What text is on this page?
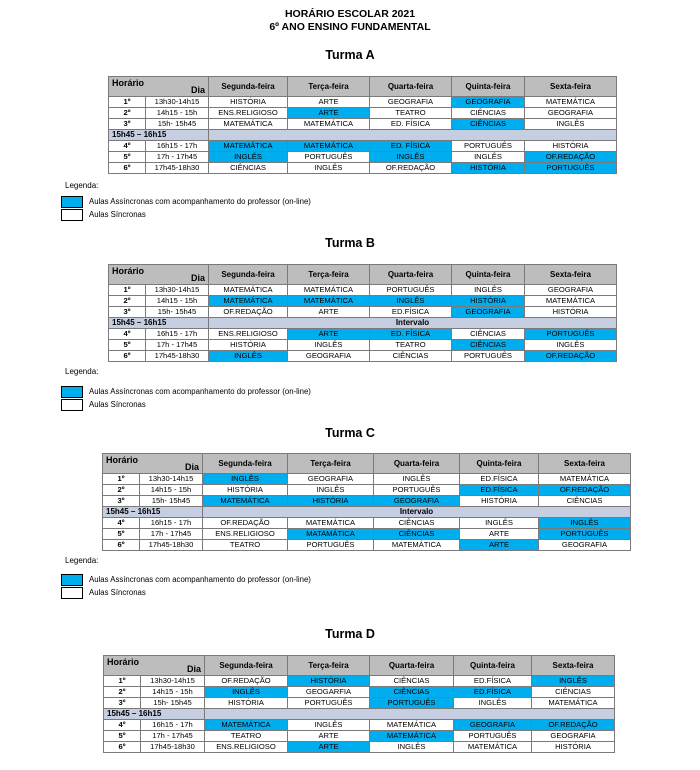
HORÁRIO ESCOLAR 2021
6º ANO ENSINO FUNDAMENTAL
Turma A
Horário
Dia		Segunda-feira	Terça-feira	Quarta-feira	Quinta-feira	Sexta-feira
1º	13h30-14h15	HISTÓRIA	ARTE	GEOGRAFIA	GEOGRAFIA	MATEMÁTICA
2º	14h15 - 15h	ENS.RELIGIOSO	ARTE	TEATRO	CIÊNCIAS	GEOGRAFIA
3º	15h- 15h45	MATEMÁTICA	MATEMÁTICA	ED. FÍSICA	CIÊNCIAS	INGLÊS
15h45 – 16h15						
4º	16h15 - 17h	MATEMÁTICA	MATEMÁTICA	ED. FÍSICA	PORTUGUÊS	HISTÓRIA
5º	17h - 17h45	INGLÊS	PORTUGUÊS	INGLÊS	INGLÊS	OF.REDAÇÃO
6º	17h45-18h30	CIÊNCIAS	INGLÊS	OF.REDAÇÃO	HISTÓRIA	PORTUGUÊS
Legenda:
Aulas Assíncronas com acompanhamento do professor (on-line)
Aulas Síncronas
Turma B
Horário
Dia		Segunda-feira	Terça-feira	Quarta-feira	Quinta-feira	Sexta-feira
1º	13h30-14h15	MATEMÁTICA	MATEMÁTICA	PORTUGUÊS	INGLÊS	GEOGRAFIA
2º	14h15 - 15h	MATEMÁTICA	MATEMÁTICA	INGLÊS	HISTÓRIA	MATEMÁTICA
3º	15h- 15h45	OF.REDAÇÃO	ARTE	ED.FÍSICA	GEOGRAFIA	HISTÓRIA
15h45 – 16h15		Intervalo				
4º	16h15 - 17h	ENS.RELIGIOSO	ARTE	ED. FÍSICA	CIÊNCIAS	PORTUGUÊS
5º	17h - 17h45	HISTÓRIA	INGLÊS	TEATRO	CIÊNCIAS	INGLÊS
6º	17h45-18h30	INGLÊS	GEOGRAFIA	CIÊNCIAS	PORTUGUÊS	OF.REDAÇÃO
Legenda:
Aulas Assíncronas com acompanhamento do professor (on-line)
Aulas Síncronas
Turma C
Horário
Dia		Segunda-feira	Terça-feira	Quarta-feira	Quinta-feira	Sexta-feira
1º	13h30-14h15	INGLÊS	GEOGRAFIA	INGLÊS	ED.FÍSICA	MATEMÁTICA
2º	14h15 - 15h	HISTÓRIA	INGLÊS	PORTUGUÊS	ED.FÍSICA	OF.REDAÇÃO
3º	15h- 15h45	MATEMÁTICA	HISTÓRIA	GEOGRAFIA	HISTÓRIA	CIÊNCIAS
15h45 – 16h15		Intervalo				
4º	16h15 - 17h	OF.REDAÇÃO	MATEMÁTICA	CIÊNCIAS	INGLÊS	INGLÊS
5º	17h - 17h45	ENS.RELIGIOSO	MATAMÁTICA	CIÊNCIAS	ARTE	PORTUGUÊS
6º	17h45-18h30	TEATRO	PORTUGUÊS	MATEMÁTICA	ARTE	GEOGRAFIA
Legenda:
Aulas Assíncronas com acompanhamento do professor (on-line)
Aulas Síncronas
Turma D
Horário
Dia		Segunda-feira	Terça-feira	Quarta-feira	Quinta-feira	Sexta-feira
1º	13h30-14h15	OF.REDAÇÃO	HISTÓRIA	CIÊNCIAS	ED.FÍSICA	INGLÊS
2º	14h15 - 15h	INGLÊS	GEOGARFIA	CIÊNCIAS	ED.FÍSICA	CIÊNCIAS
3º	15h- 15h45	HISTÓRIA	PORTUGUÊS	PORTUGUÊS	INGLÊS	MATEMÁTICA
15h45 – 16h15						
4º	16h15 - 17h	MATEMÁTICA	INGLÊS	MATEMÁTICA	GEOGRAFIA	OF.REDAÇÃO
5º	17h - 17h45	TEATRO	ARTE	MATEMÁTICA	PORTUGUÊS	GEOGRAFIA
6º	17h45-18h30	ENS.RELIGIOSO	ARTE	INGLÊS	MATEMÁTICA	HISTÓRIA
